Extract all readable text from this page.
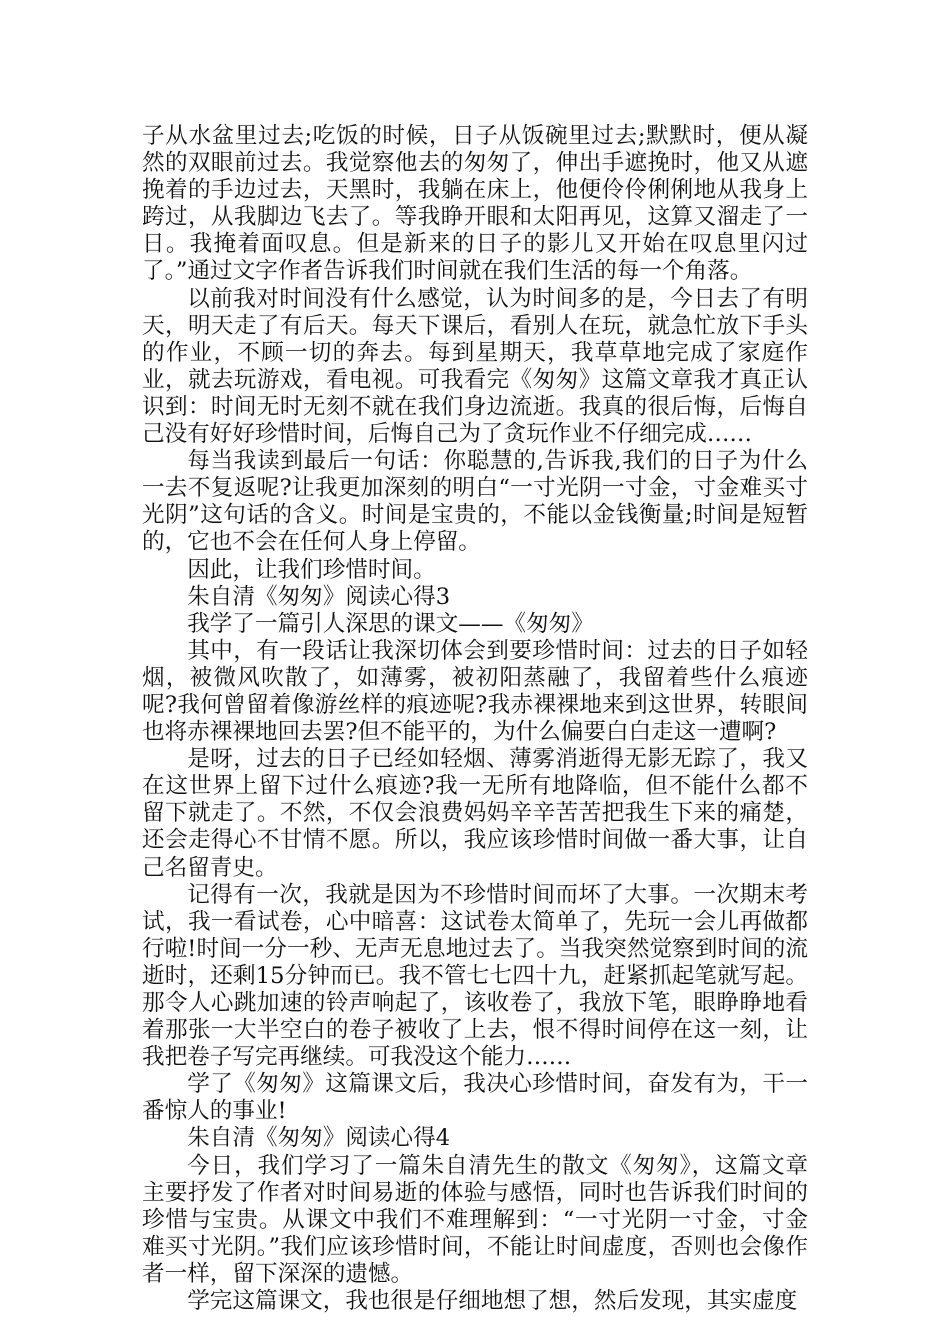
子从水盆里过去;吃饭的时候，日子从饭碗里过去;默默时，便从凝然的双眼前过去。我觉察他去的匆匆了，伸出手遮挽时，他又从遮挽着的手边过去，天黑时，我躺在床上，他便伶伶俐俐地从我身上跨过，从我脚边飞去了。等我睁开眼和太阳再见，这算又溜走了一日。我掩着面叹息。但是新来的日子的影儿又开始在叹息里闪过了。”通过文字作者告诉我们时间就在我们生活的每一个角落。

以前我对时间没有什么感觉，认为时间多的是，今日去了有明天，明天走了有后天。每天下课后，看别人在玩，就急忙放下手头的作业，不顾一切的奔去。每到星期天，我草草地完成了家庭作业，就去玩游戏，看电视。可我看完《匆匆》这篇文章我才真正认识到：时间无时无刻不就在我们身边流逝。我真的很后悔，后悔自己没有好好珍惜时间，后悔自己为了贪玩作业不仔细完成……

每当我读到最后一句话：你聪慧的,告诉我,我们的日子为什么一去不复返呢?让我更加深刻的明白“一寸光阴一寸金，寸金难买寸光阴”这句话的含义。时间是宝贵的，不能以金钱衡量;时间是短暂的，它也不会在任何人身上停留。

因此，让我们珍惜时间。

朱自清《匆匆》阅读心得3

我学了一篇引人深思的课文——《匆匆》

其中，有一段话让我深切体会到要珍惜时间：过去的日子如轻烟，被微风吹散了，如薄雾，被初阳蒸融了，我留着些什么痕迹呢?我何曾留着像游丝样的痕迹呢?我赤裸裸地来到这世界，转眼间也将赤裸裸地回去罢?但不能平的，为什么偏要白白走这一遭啊?

是呀，过去的日子已经如轻烟、薄雾消逝得无影无踪了，我又在这世界上留下过什么痕迹?我一无所有地降临，但不能什么都不留下就走了。不然，不仅会浪费妈妈辛辛苦苦把我生下来的痛楚，还会走得心不甘情不愿。所以，我应该珍惜时间做一番大事，让自己名留青史。

记得有一次，我就是因为不珍惜时间而坏了大事。一次期末考试，我一看试卷，心中暗喜：这试卷太简单了，先玩一会儿再做都行啦!时间一分一秒、无声无息地过去了。当我突然觉察到时间的流逝时，还剩15分钟而已。我不管七七四十九，赶紧抓起笔就写起。那令人心跳加速的铃声响起了，该收卷了，我放下笔，眼睁睁地看着那张一大半空白的卷子被收了上去，恨不得时间停在这一刻，让我把卷子写完再继续。可我没这个能力……

学了《匆匆》这篇课文后，我决心珍惜时间，奋发有为，干一番惊人的事业!

朱自清《匆匆》阅读心得4

今日，我们学习了一篇朱自清先生的散文《匆匆》，这篇文章主要抒发了作者对时间易逝的体验与感悟，同时也告诉我们时间的珍惜与宝贵。从课文中我们不难理解到：“一寸光阴一寸金，寸金难买寸光阴。”我们应该珍惜时间，不能让时间虚度，否则也会像作者一样，留下深深的遗憾。

学完这篇课文，我也很是仔细地想了想，然后发现，其实虚度
